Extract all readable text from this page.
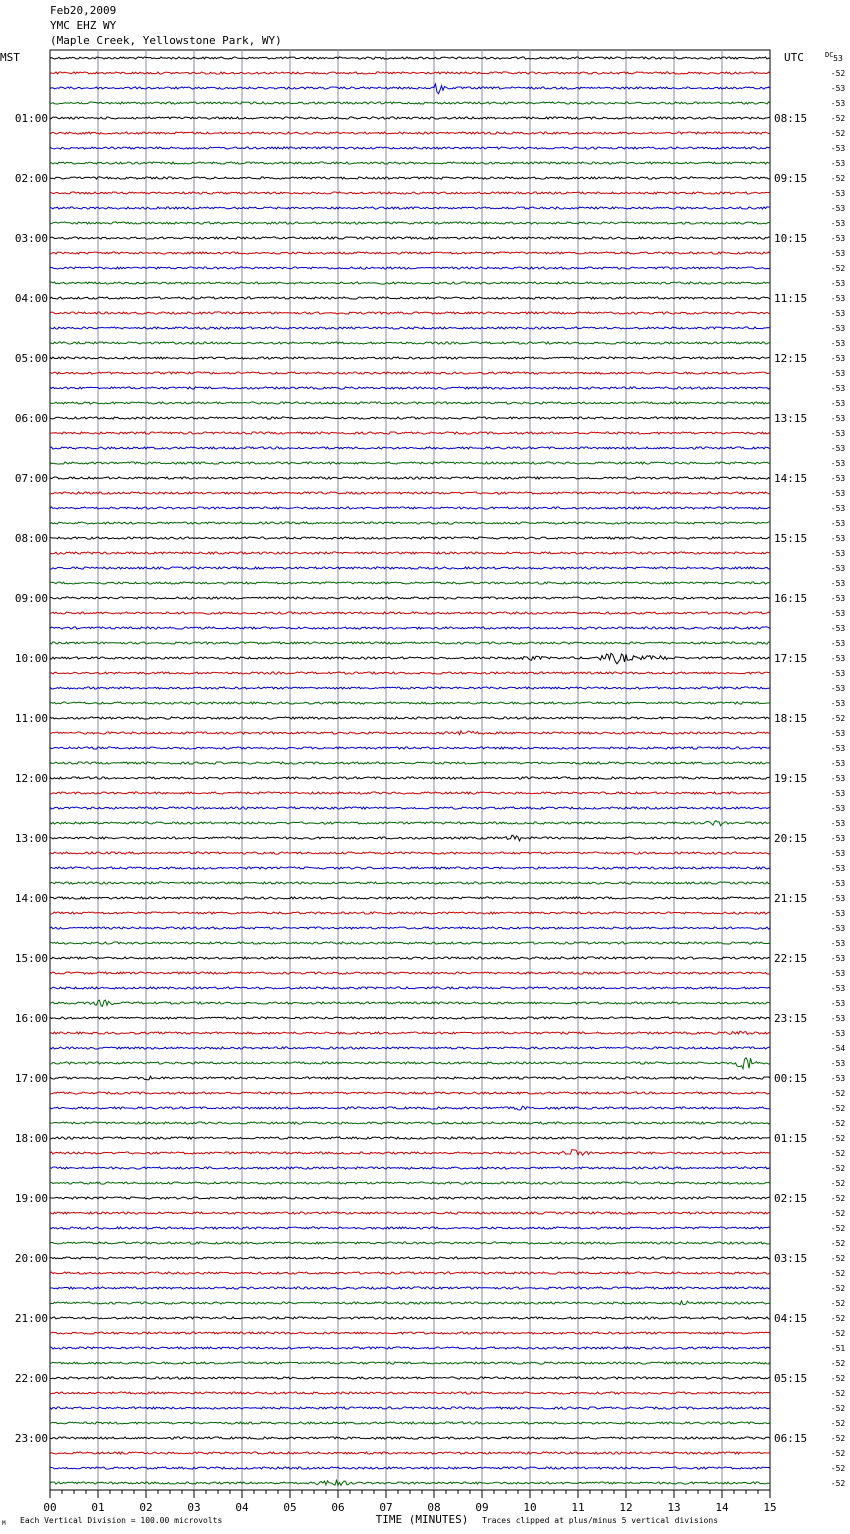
Feb20,2009
YMC EHZ WY
(Maple Creek, Yellowstone Park, WY)
53
-52
-53
-53
-52
-52
-53
-53
-52
-53
-53
-53
-53
-53
-52
-53
-53
-53
-53
-53
-53
-53
-53
-53
-53
-53
-53
-53
-53
-53
-53
-53
-53
-53
-53
-53
-53
-53
-53
-53
-53
-53
-53
-53
-52
-53
-53
-53
-53
-53
-53
-53
-53
-53
-53
-53
-53
-53
-53
-53
-53
-53
-53
-53
-53
-53
-54
-53
-53
-52
-52
-52
-52
-52
-52
-52
-52
-52
-52
-52
-52
-52
-52
-52
-52
-52
-51
-52
-52
-52
-52
-52
-52
-52
-52
-52
01:00
02:00
03:00
04:00
05:00
06:00
07:00
08:00
09:00
10:00
11:00
12:00
13:00
14:00
15:00
16:00
17:00
18:00
19:00
20:00
21:00
22:00
23:00
08:15
09:15
10:15
11:15
12:15
13:15
14:15
15:15
16:15
17:15
18:15
19:15
20:15
21:15
22:15
23:15
00:15
01:15
02:15
03:15
04:15
05:15
06:15
MST	UTC	DC
00	01	02	03	04	05	06	07	08	09	10	11	12	13	14	15
TIME (MINUTES)
Each Vertical Division = 100.00 microvolts	Traces clipped at plus/minus 5 vertical divisions
M
